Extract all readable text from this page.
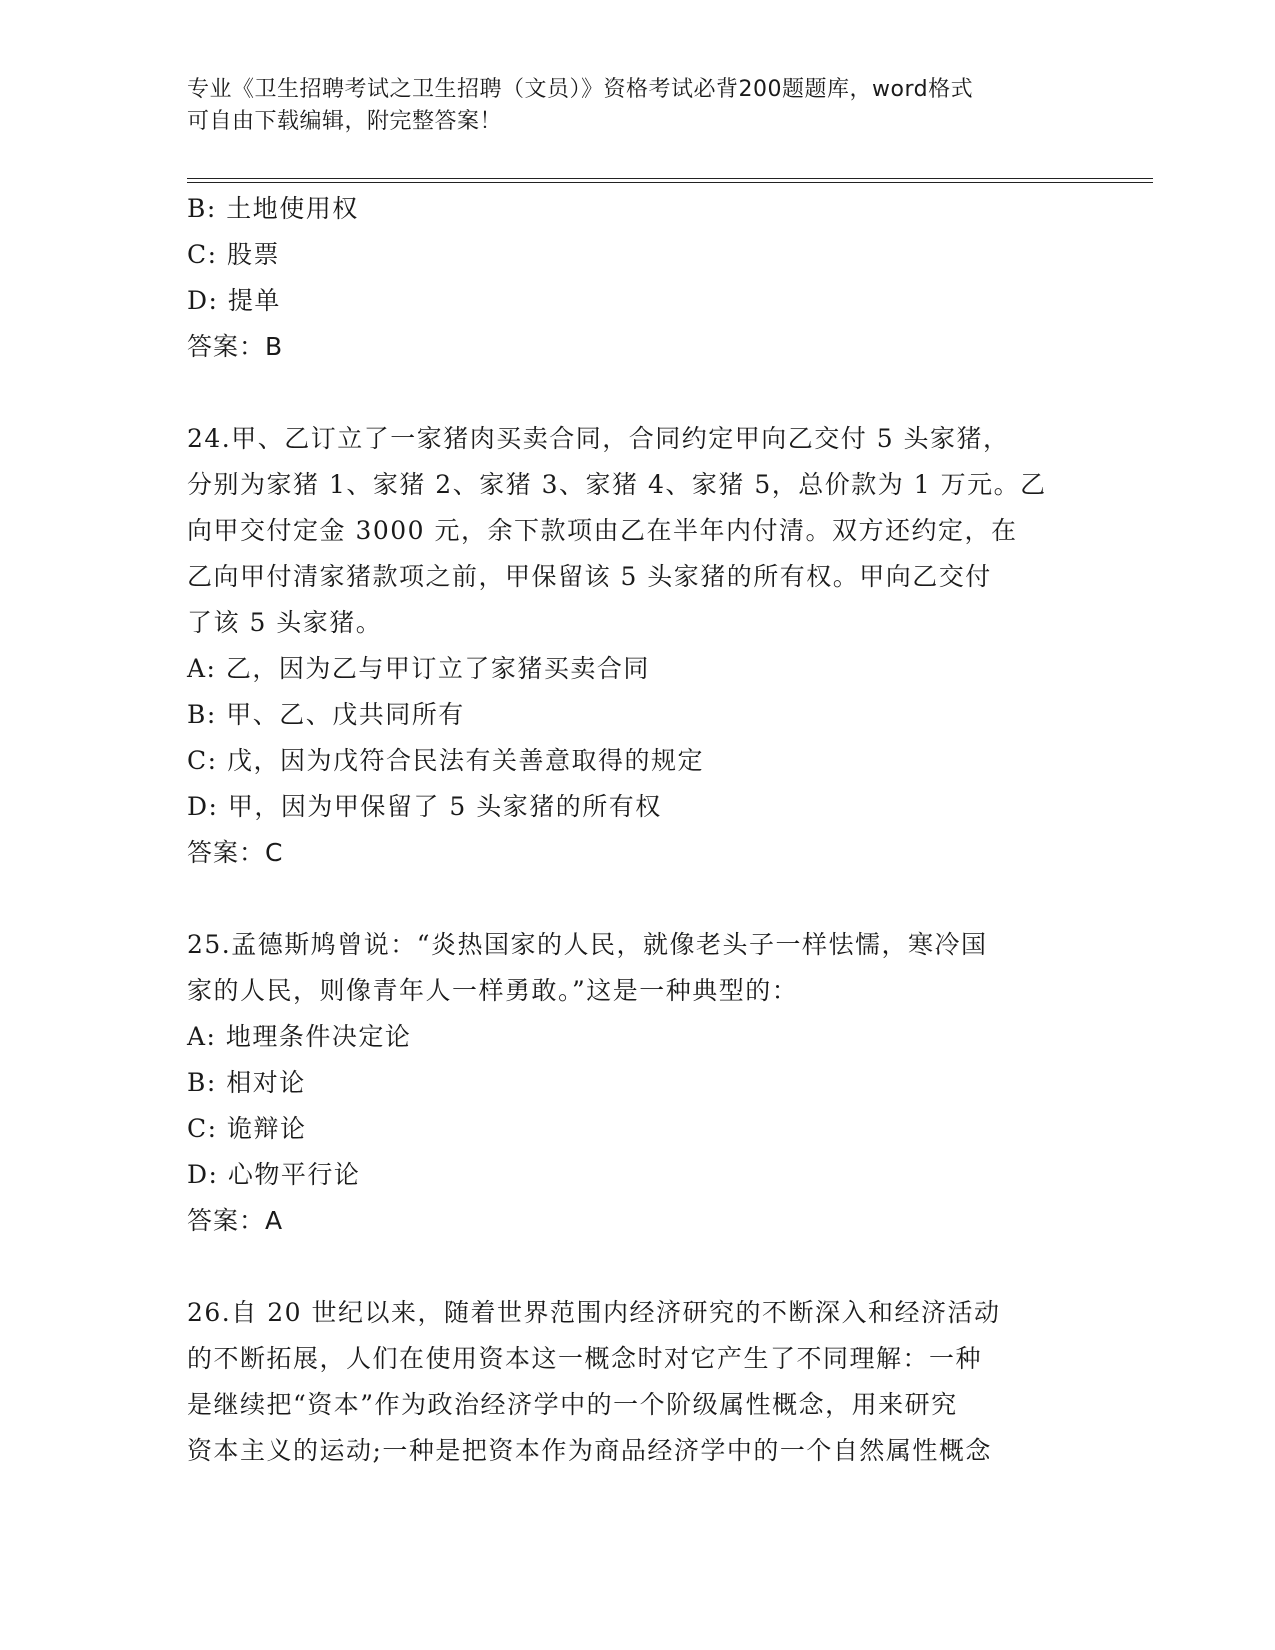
专业《卫生招聘考试之卫生招聘（文员）》资格考试必背200题题库，word格式
可自由下载编辑，附完整答案！
B: 土地使用权
C: 股票
D: 提单
答案：B
24.甲、乙订立了一家猪肉买卖合同，合同约定甲向乙交付 5 头家猪，
分别为家猪 1、家猪 2、家猪 3、家猪 4、家猪 5，总价款为 1 万元。乙
向甲交付定金 3000 元，余下款项由乙在半年内付清。双方还约定，在
乙向甲付清家猪款项之前，甲保留该 5 头家猪的所有权。甲向乙交付
了该 5 头家猪。
A: 乙，因为乙与甲订立了家猪买卖合同
B: 甲、乙、戊共同所有
C: 戊，因为戊符合民法有关善意取得的规定
D: 甲，因为甲保留了 5 头家猪的所有权
答案：C
25.孟德斯鸠曾说：“炎热国家的人民，就像老头子一样怯懦，寒冷国
家的人民，则像青年人一样勇敢。”这是一种典型的：
A: 地理条件决定论
B: 相对论
C: 诡辩论
D: 心物平行论
答案：A
26.自 20 世纪以来，随着世界范围内经济研究的不断深入和经济活动
的不断拓展，人们在使用资本这一概念时对它产生了不同理解：一种
是继续把“资本”作为政治经济学中的一个阶级属性概念，用来研究
资本主义的运动;一种是把资本作为商品经济学中的一个自然属性概念
